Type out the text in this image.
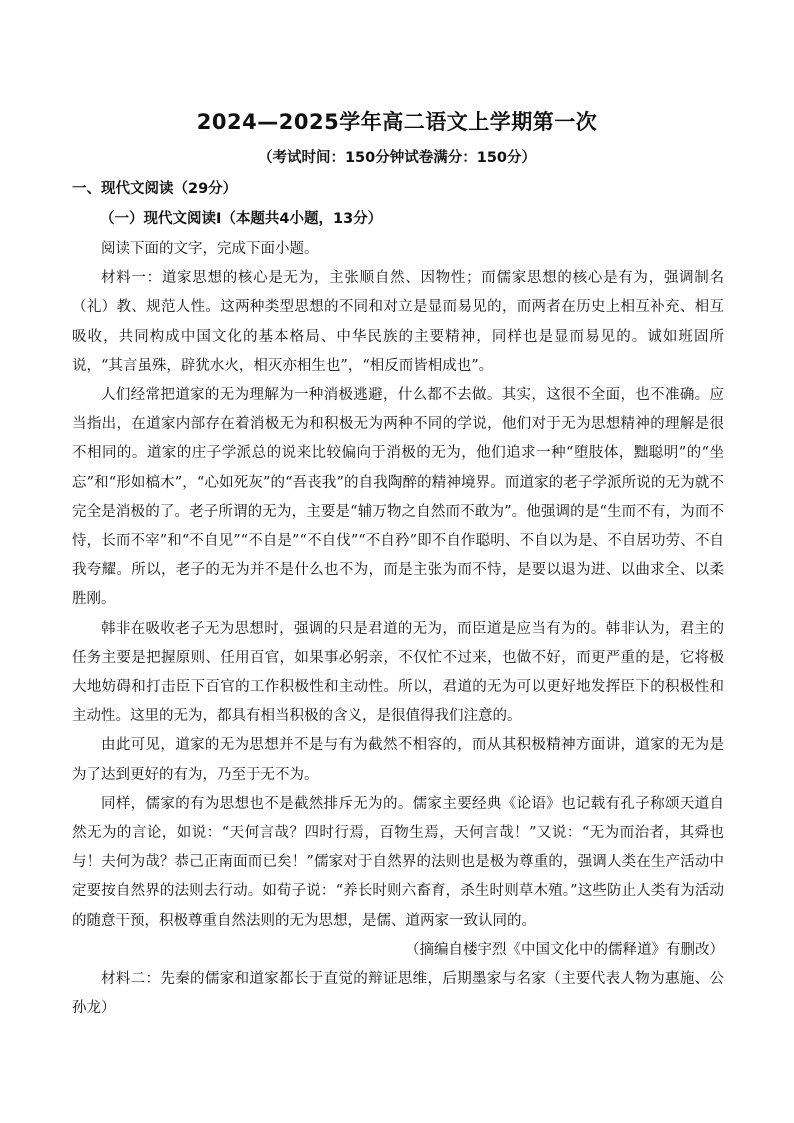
2024—2025学年高二语文上学期第一次
（考试时间：150分钟试卷满分：150分）
一、现代文阅读（29分）
（一）现代文阅读Ⅰ（本题共4小题，13分）

阅读下面的文字，完成下面小题。

材料一：道家思想的核心是无为，主张顺自然、因物性；而儒家思想的核心是有为，强调制名（礼）教、规范人性。这两种类型思想的不同和对立是显而易见的，而两者在历史上相互补充、相互吸收，共同构成中国文化的基本格局、中华民族的主要精神，同样也是显而易见的。诚如班固所说，“其言虽殊，辟犹水火，相灭亦相生也”，“相反而皆相成也”。

人们经常把道家的无为理解为一种消极逃避，什么都不去做。其实，这很不全面，也不准确。应当指出，在道家内部存在着消极无为和积极无为两种不同的学说，他们对于无为思想精神的理解是很不相同的。道家的庄子学派总的说来比较偏向于消极的无为，他们追求一种“堕肢体，黜聪明”的“坐忘”和“形如槁木”，“心如死灰”的“吾丧我”的自我陶醉的精神境界。而道家的老子学派所说的无为就不完全是消极的了。老子所谓的无为，主要是“辅万物之自然而不敢为”。他强调的是“生而不有，为而不恃，长而不宰”和“不自见”“不自是”“不自伐”“不自矜”即不自作聪明、不自以为是、不自居功劳、不自我夸耀。所以，老子的无为并不是什么也不为，而是主张为而不恃，是要以退为进、以曲求全、以柔胜刚。

韩非在吸收老子无为思想时，强调的只是君道的无为，而臣道是应当有为的。韩非认为，君主的任务主要是把握原则、任用百官，如果事必躬亲，不仅忙不过来，也做不好，而更严重的是，它将极大地妨碍和打击臣下百官的工作积极性和主动性。所以，君道的无为可以更好地发挥臣下的积极性和主动性。这里的无为，都具有相当积极的含义，是很值得我们注意的。

由此可见，道家的无为思想并不是与有为截然不相容的，而从其积极精神方面讲，道家的无为是为了达到更好的有为，乃至于无不为。

同样，儒家的有为思想也不是截然排斥无为的。儒家主要经典《论语》也记载有孔子称颂天道自然无为的言论，如说：“天何言哉？四时行焉，百物生焉，天何言哉！”又说：“无为而治者，其舜也与！夫何为哉？恭己正南面而已矣！”儒家对于自然界的法则也是极为尊重的，强调人类在生产活动中定要按自然界的法则去行动。如荀子说：“养长时则六畜育，杀生时则草木殖。”这些防止人类有为活动的随意干预，积极尊重自然法则的无为思想，是儒、道两家一致认同的。

（摘编自楼宇烈《中国文化中的儒释道》有删改）

材料二：先秦的儒家和道家都长于直觉的辩证思维，后期墨家与名家（主要代表人物为惠施、公孙龙）
